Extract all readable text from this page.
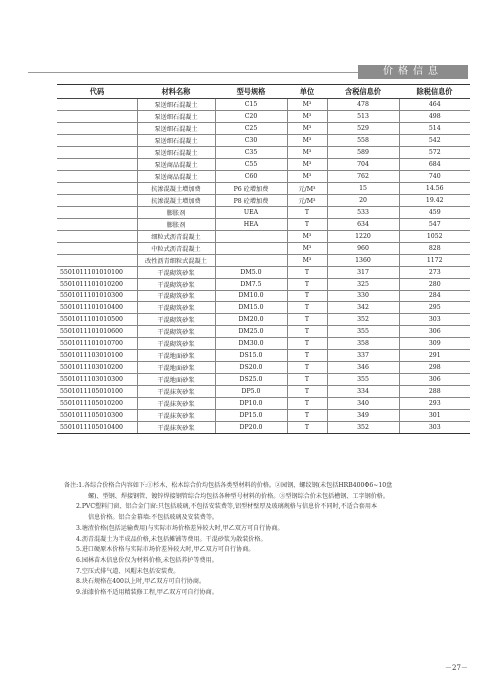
价格信息
代码	材料名称	型号规格	单位	含税信息价	除税信息价
	泵送细石混凝土	C15	M³	478	464
	泵送细石混凝土	C20	M³	513	498
	泵送细石混凝土	C25	M³	529	514
	泵送细石混凝土	C30	M³	558	542
	泵送细石混凝土	C35	M³	589	572
	泵送商品混凝土	C55	M³	704	684
	泵送商品混凝土	C60	M³	762	740
	抗渗混凝土增加费	P6 砼增加费	元/M³	15	14.56
	抗渗混凝土增加费	P8 砼增加费	元/M³	20	19.42
	膨胀剂	UEA	T	533	459
	膨胀剂	HEA	T	634	547
	细粒式沥青混凝土		M³	1220	1052
	中粒式沥青混凝土		M³	960	828
	改性沥青细粒式混凝土		M³	1360	1172
5501011101010100	干混砌筑砂浆	DM5.0	T	317	273
5501011101010200	干混砌筑砂浆	DM7.5	T	325	280
5501011101010300	干混砌筑砂浆	DM10.0	T	330	284
5501011101010400	干混砌筑砂浆	DM15.0	T	342	295
5501011101010500	干混砌筑砂浆	DM20.0	T	352	303
5501011101010600	干混砌筑砂浆	DM25.0	T	355	306
5501011101010700	干混砌筑砂浆	DM30.0	T	358	309
5501011103010100	干混地面砂浆	DS15.0	T	337	291
5501011103010200	干混地面砂浆	DS20.0	T	346	298
5501011103010300	干混地面砂浆	DS25.0	T	355	306
5501011105010100	干混抹灰砂浆	DP5.0	T	334	288
5501011105010200	干混抹灰砂浆	DP10.0	T	340	293
5501011105010300	干混抹灰砂浆	DP15.0	T	349	301
5501011105010400	干混抹灰砂浆	DP20.0	T	352	303
备注:1.各综合价格合内容如下:①杉木、松木综合价均包括各类型材料的价格。②园钢、螺纹钢(未包括HRB400Φ6~10盘
螺)、型钢、焊接钢管、镀锌焊接钢管综合均包括各种型号材料的价格。③型钢综合价未包括槽钢、工字钢价格。
2.PVC塑料门窗、铝合金门窗:只包括玻璃,不包括安装费等,铝型材壁厚及玻璃规格与信息价不同时,不适合套用本
信息价格。铝合金幕墙:不包括玻璃及安装费等。
3.塘渣价格(包括运输费用)与实际市场价格差异较大时,甲乙双方可自行协商。
4.沥青混凝土为半成品价格,未包括摊铺等费用。干混砂浆为散装价格。
5.进口硬原木价格与实际市场价差异较大时,甲乙双方可自行协商。
6.园林苗木信息价仅为材料价格,未包括养护等费用。
7.空压式排气道、风帽未包括安装费。
8.块石规格在400以上时,甲乙双方可自行协商。
9.油漆价格不适用精装修工程,甲乙双方可自行协商。
－27－
